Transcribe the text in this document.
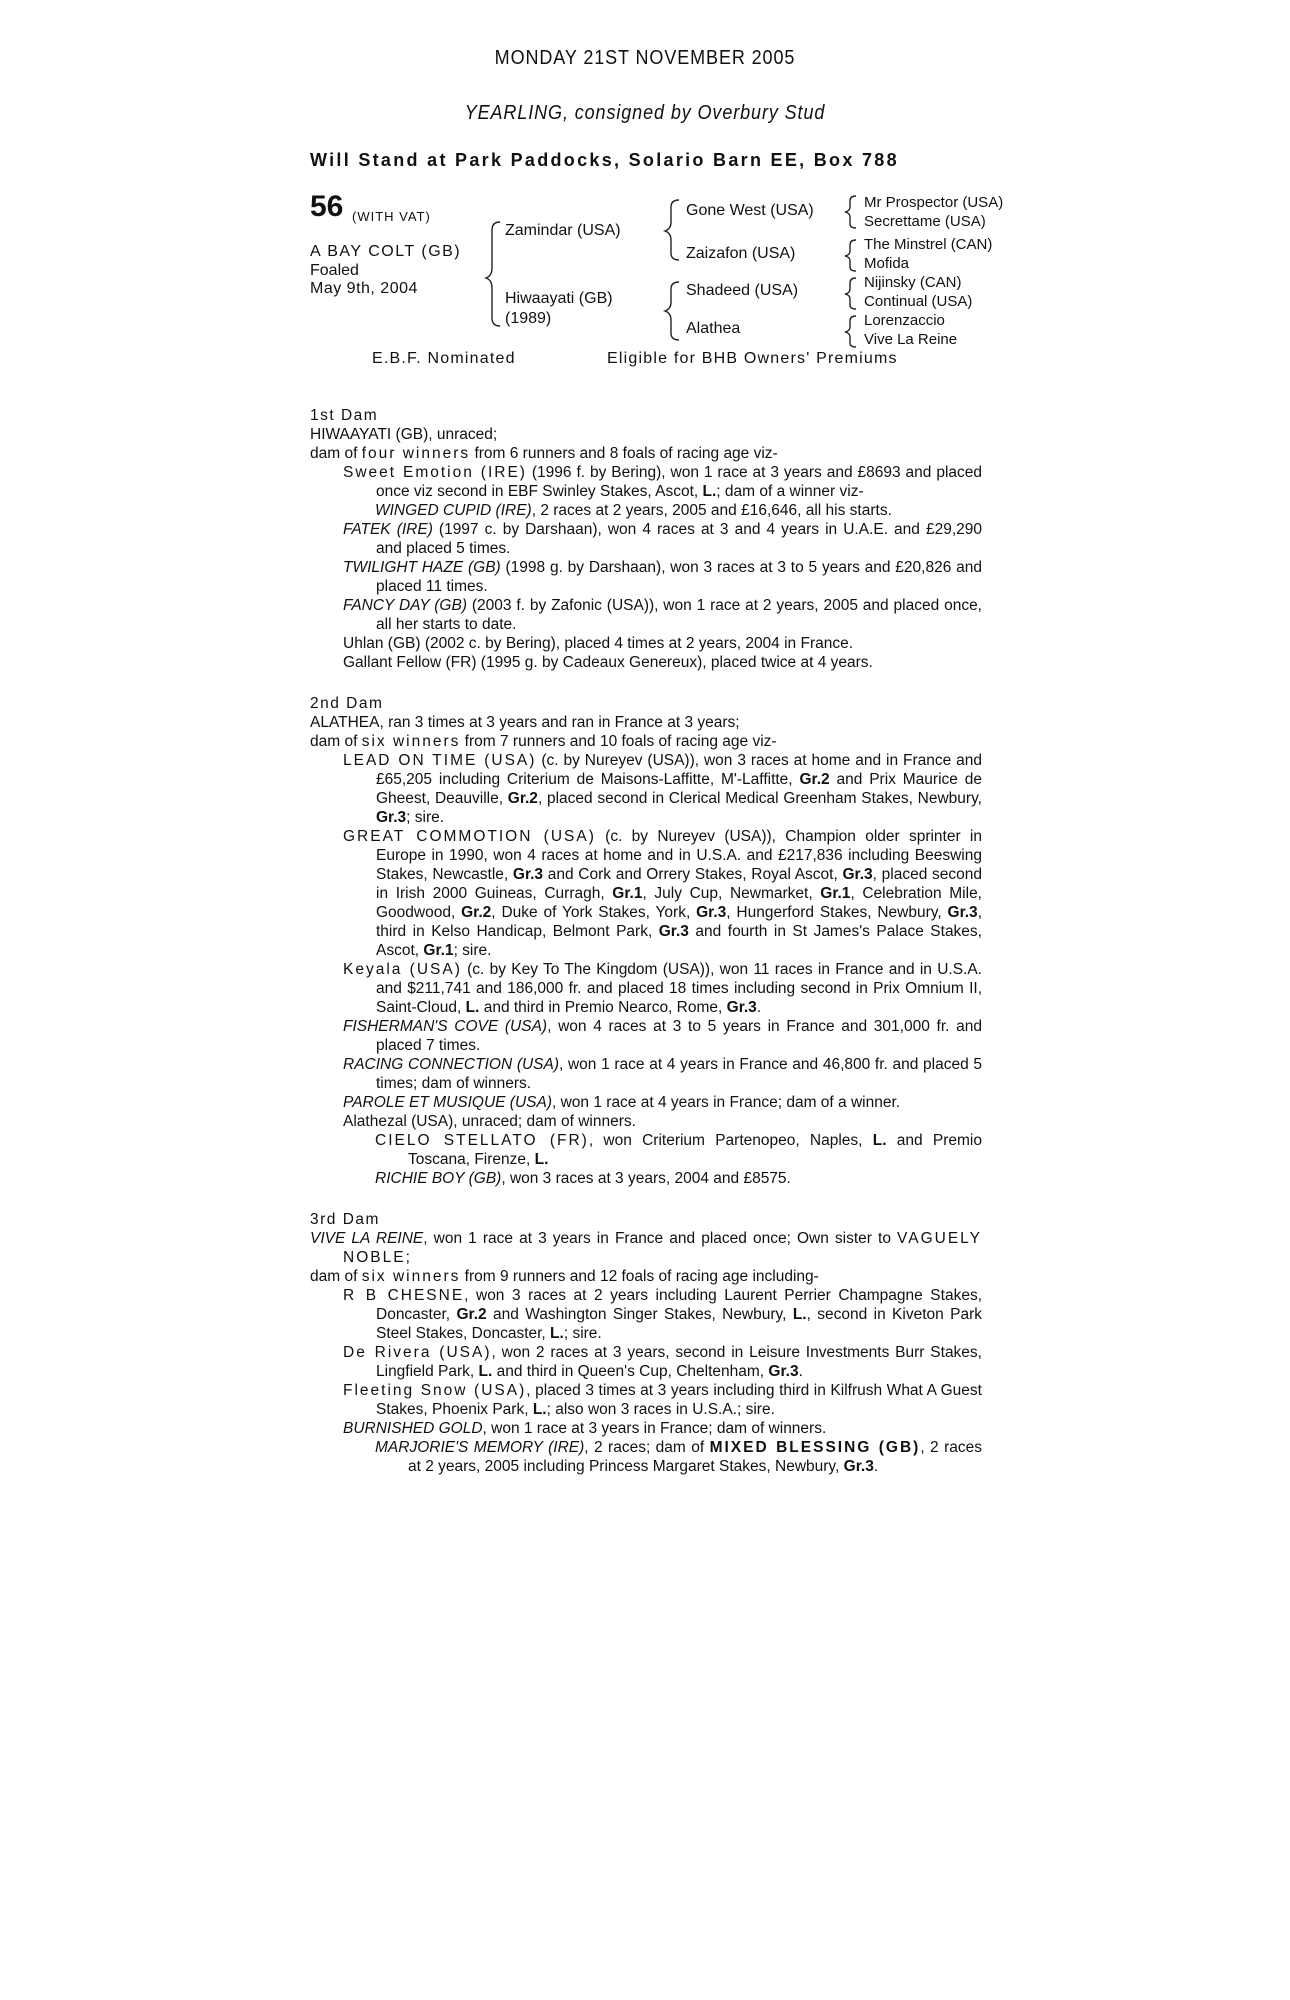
MONDAY 21ST NOVEMBER 2005
YEARLING, consigned by Overbury Stud
Will Stand at Park Paddocks, Solario Barn EE, Box 788
56 (WITH VAT)
A BAY COLT (GB)
Foaled
May 9th, 2004
Zamindar (USA)
Hiwaayati (GB)
(1989)
Gone West (USA)
Zaizafon (USA)
Shadeed (USA)
Alathea
Mr Prospector (USA)
Secrettame (USA)
The Minstrel (CAN)
Mofida
Nijinsky (CAN)
Continual (USA)
Lorenzaccio
Vive La Reine
E.B.F. Nominated	Eligible for BHB Owners' Premiums
1st Dam
HIWAAYATI (GB), unraced;
dam of four winners from 6 runners and 8 foals of racing age viz-
Sweet Emotion (IRE) (1996 f. by Bering), won 1 race at 3 years and £8693 and placed once viz second in EBF Swinley Stakes, Ascot, L.; dam of a winner viz-
WINGED CUPID (IRE), 2 races at 2 years, 2005 and £16,646, all his starts.
FATEK (IRE) (1997 c. by Darshaan), won 4 races at 3 and 4 years in U.A.E. and £29,290 and placed 5 times.
TWILIGHT HAZE (GB) (1998 g. by Darshaan), won 3 races at 3 to 5 years and £20,826 and placed 11 times.
FANCY DAY (GB) (2003 f. by Zafonic (USA)), won 1 race at 2 years, 2005 and placed once, all her starts to date.
Uhlan (GB) (2002 c. by Bering), placed 4 times at 2 years, 2004 in France.
Gallant Fellow (FR) (1995 g. by Cadeaux Genereux), placed twice at 4 years.
2nd Dam
ALATHEA, ran 3 times at 3 years and ran in France at 3 years;
dam of six winners from 7 runners and 10 foals of racing age viz-
LEAD ON TIME (USA) (c. by Nureyev (USA)), won 3 races at home and in France and £65,205 including Criterium de Maisons-Laffitte, M'-Laffitte, Gr.2 and Prix Maurice de Gheest, Deauville, Gr.2, placed second in Clerical Medical Greenham Stakes, Newbury, Gr.3; sire.
GREAT COMMOTION (USA) (c. by Nureyev (USA)), Champion older sprinter in Europe in 1990, won 4 races at home and in U.S.A. and £217,836 including Beeswing Stakes, Newcastle, Gr.3 and Cork and Orrery Stakes, Royal Ascot, Gr.3, placed second in Irish 2000 Guineas, Curragh, Gr.1, July Cup, Newmarket, Gr.1, Celebration Mile, Goodwood, Gr.2, Duke of York Stakes, York, Gr.3, Hungerford Stakes, Newbury, Gr.3, third in Kelso Handicap, Belmont Park, Gr.3 and fourth in St James's Palace Stakes, Ascot, Gr.1; sire.
Keyala (USA) (c. by Key To The Kingdom (USA)), won 11 races in France and in U.S.A. and $211,741 and 186,000 fr. and placed 18 times including second in Prix Omnium II, Saint-Cloud, L. and third in Premio Nearco, Rome, Gr.3.
FISHERMAN'S COVE (USA), won 4 races at 3 to 5 years in France and 301,000 fr. and placed 7 times.
RACING CONNECTION (USA), won 1 race at 4 years in France and 46,800 fr. and placed 5 times; dam of winners.
PAROLE ET MUSIQUE (USA), won 1 race at 4 years in France; dam of a winner.
Alathezal (USA), unraced; dam of winners.
CIELO STELLATO (FR), won Criterium Partenopeo, Naples, L. and Premio Toscana, Firenze, L.
RICHIE BOY (GB), won 3 races at 3 years, 2004 and £8575.
3rd Dam
VIVE LA REINE, won 1 race at 3 years in France and placed once; Own sister to VAGUELY NOBLE;
dam of six winners from 9 runners and 12 foals of racing age including-
R B CHESNE, won 3 races at 2 years including Laurent Perrier Champagne Stakes, Doncaster, Gr.2 and Washington Singer Stakes, Newbury, L., second in Kiveton Park Steel Stakes, Doncaster, L.; sire.
De Rivera (USA), won 2 races at 3 years, second in Leisure Investments Burr Stakes, Lingfield Park, L. and third in Queen's Cup, Cheltenham, Gr.3.
Fleeting Snow (USA), placed 3 times at 3 years including third in Kilfrush What A Guest Stakes, Phoenix Park, L.; also won 3 races in U.S.A.; sire.
BURNISHED GOLD, won 1 race at 3 years in France; dam of winners.
MARJORIE'S MEMORY (IRE), 2 races; dam of MIXED BLESSING (GB), 2 races at 2 years, 2005 including Princess Margaret Stakes, Newbury, Gr.3.
